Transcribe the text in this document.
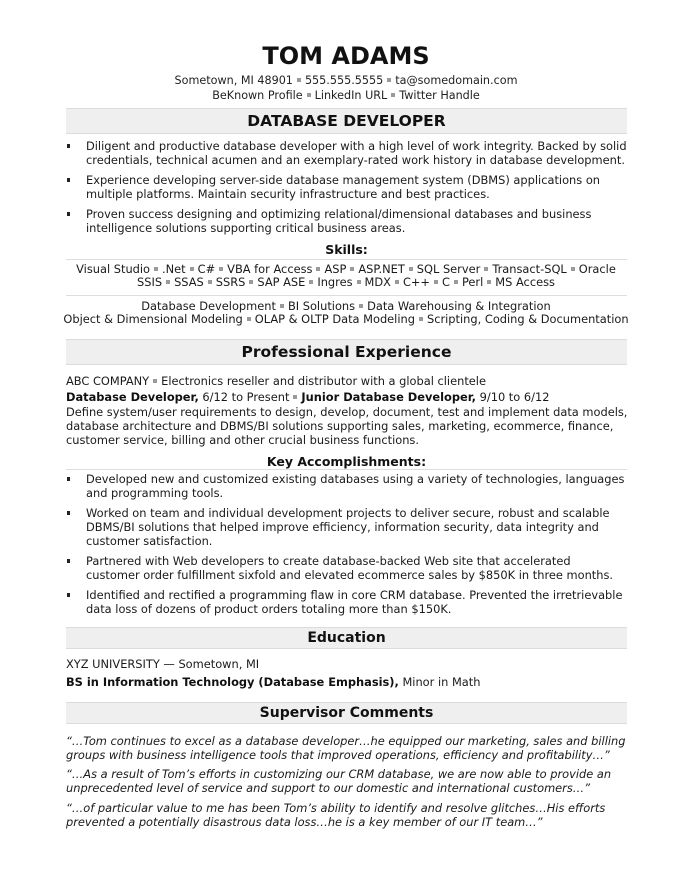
TOM ADAMS
Sometown, MI 48901 555.555.5555 ta@somedomain.com
BeKnown Profile LinkedIn URL Twitter Handle
DATABASE DEVELOPER
Diligent and productive database developer with a high level of work integrity. Backed by solid credentials, technical acumen and an exemplary-rated work history in database development.
Experience developing server-side database management system (DBMS) applications on multiple platforms. Maintain security infrastructure and best practices.
Proven success designing and optimizing relational/dimensional databases and business intelligence solutions supporting critical business areas.
Skills:
Visual Studio .Net C# VBA for Access ASP ASP.NET SQL Server Transact-SQL Oracle
SSIS SSAS SSRS SAP ASE Ingres MDX C++ C Perl MS Access
Database Development BI Solutions Data Warehousing & Integration
Object & Dimensional Modeling OLAP & OLTP Data Modeling Scripting, Coding & Documentation
Professional Experience
ABC COMPANY Electronics reseller and distributor with a global clientele
Database Developer, 6/12 to Present Junior Database Developer, 9/10 to 6/12
Define system/user requirements to design, develop, document, test and implement data models, database architecture and DBMS/BI solutions supporting sales, marketing, ecommerce, finance, customer service, billing and other crucial business functions.
Key Accomplishments:
Developed new and customized existing databases using a variety of technologies, languages and programming tools.
Worked on team and individual development projects to deliver secure, robust and scalable DBMS/BI solutions that helped improve efficiency, information security, data integrity and customer satisfaction.
Partnered with Web developers to create database-backed Web site that accelerated customer order fulfillment sixfold and elevated ecommerce sales by $850K in three months.
Identified and rectified a programming flaw in core CRM database. Prevented the irretrievable data loss of dozens of product orders totaling more than $150K.
Education
XYZ UNIVERSITY — Sometown, MI
BS in Information Technology (Database Emphasis), Minor in Math
Supervisor Comments
“…Tom continues to excel as a database developer…he equipped our marketing, sales and billing groups with business intelligence tools that improved operations, efficiency and profitability…”
“…As a result of Tom’s efforts in customizing our CRM database, we are now able to provide an unprecedented level of service and support to our domestic and international customers…”
“…of particular value to me has been Tom’s ability to identify and resolve glitches…His efforts prevented a potentially disastrous data loss…he is a key member of our IT team…”
